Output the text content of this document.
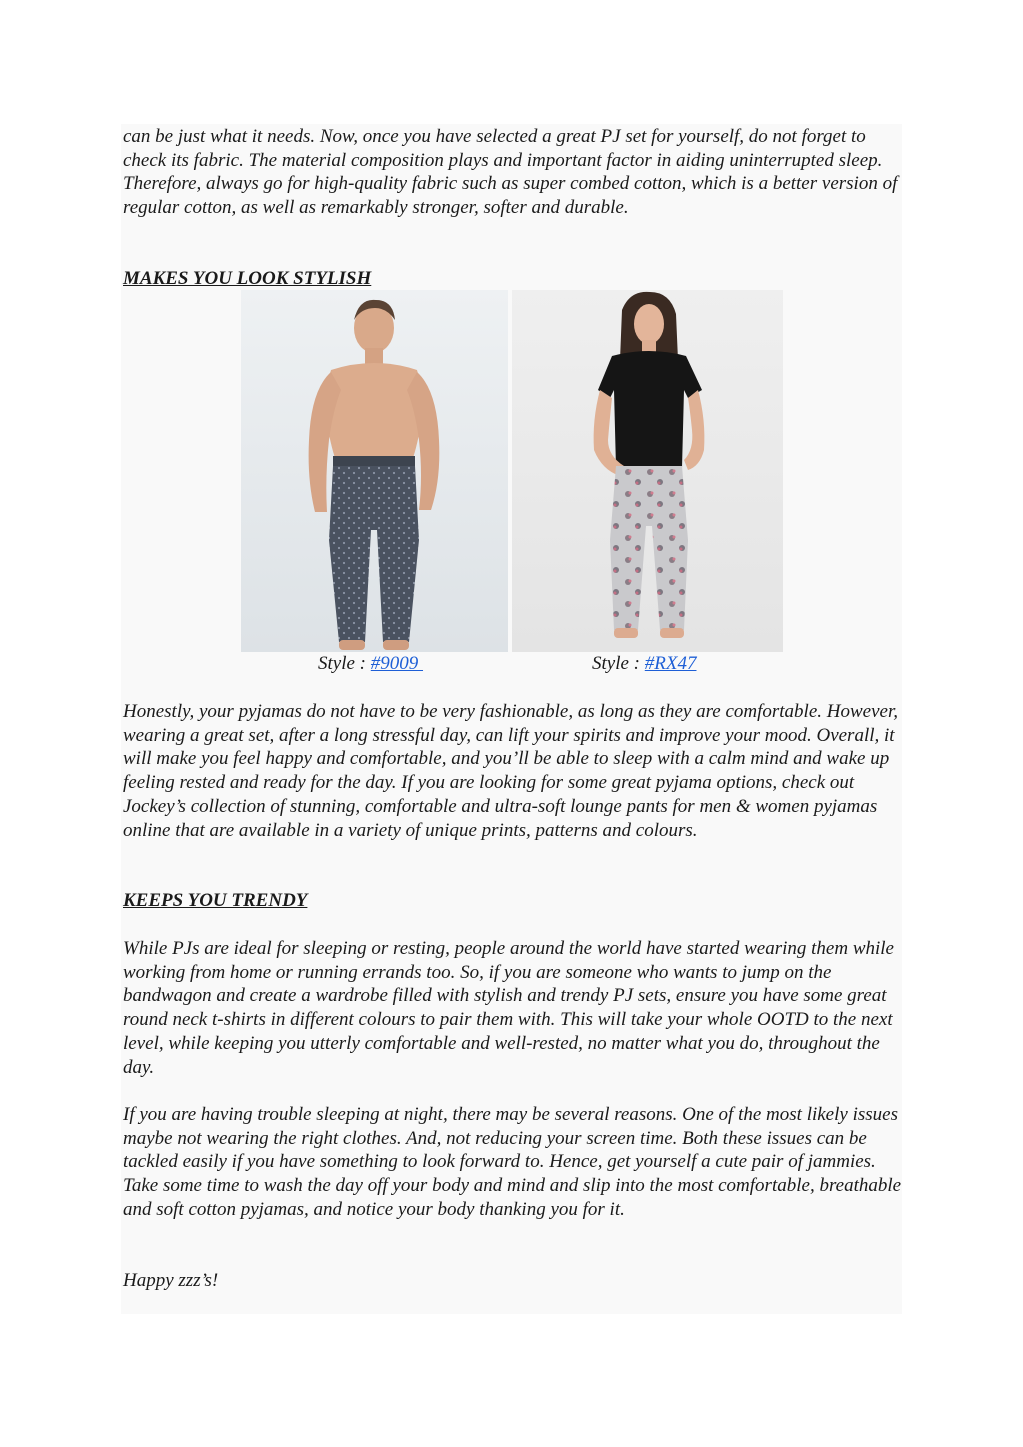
can be just what it needs. Now, once you have selected a great PJ set for yourself, do not forget to check its fabric. The material composition plays and important factor in aiding uninterrupted sleep. Therefore, always go for high-quality fabric such as super combed cotton, which is a better version of regular cotton, as well as remarkably stronger, softer and durable.

MAKES YOU LOOK STYLISH
Style : #9009	Style : #RX47

Honestly, your pyjamas do not have to be very fashionable, as long as they are comfortable. However, wearing a great set, after a long stressful day, can lift your spirits and improve your mood. Overall, it will make you feel happy and comfortable, and you’ll be able to sleep with a calm mind and wake up feeling rested and ready for the day. If you are looking for some great pyjama options, check out Jockey’s collection of stunning, comfortable and ultra-soft lounge pants for men & women pyjamas online that are available in a variety of unique prints, patterns and colours.

KEEPS YOU TRENDY

While PJs are ideal for sleeping or resting, people around the world have started wearing them while working from home or running errands too. So, if you are someone who wants to jump on the bandwagon and create a wardrobe filled with stylish and trendy PJ sets, ensure you have some great round neck t-shirts in different colours to pair them with. This will take your whole OOTD to the next level, while keeping you utterly comfortable and well-rested, no matter what you do, throughout the day.

If you are having trouble sleeping at night, there may be several reasons. One of the most likely issues maybe not wearing the right clothes. And, not reducing your screen time. Both these issues can be tackled easily if you have something to look forward to. Hence, get yourself a cute pair of jammies. Take some time to wash the day off your body and mind and slip into the most comfortable, breathable and soft cotton pyjamas, and notice your body thanking you for it.

Happy zzz’s!
